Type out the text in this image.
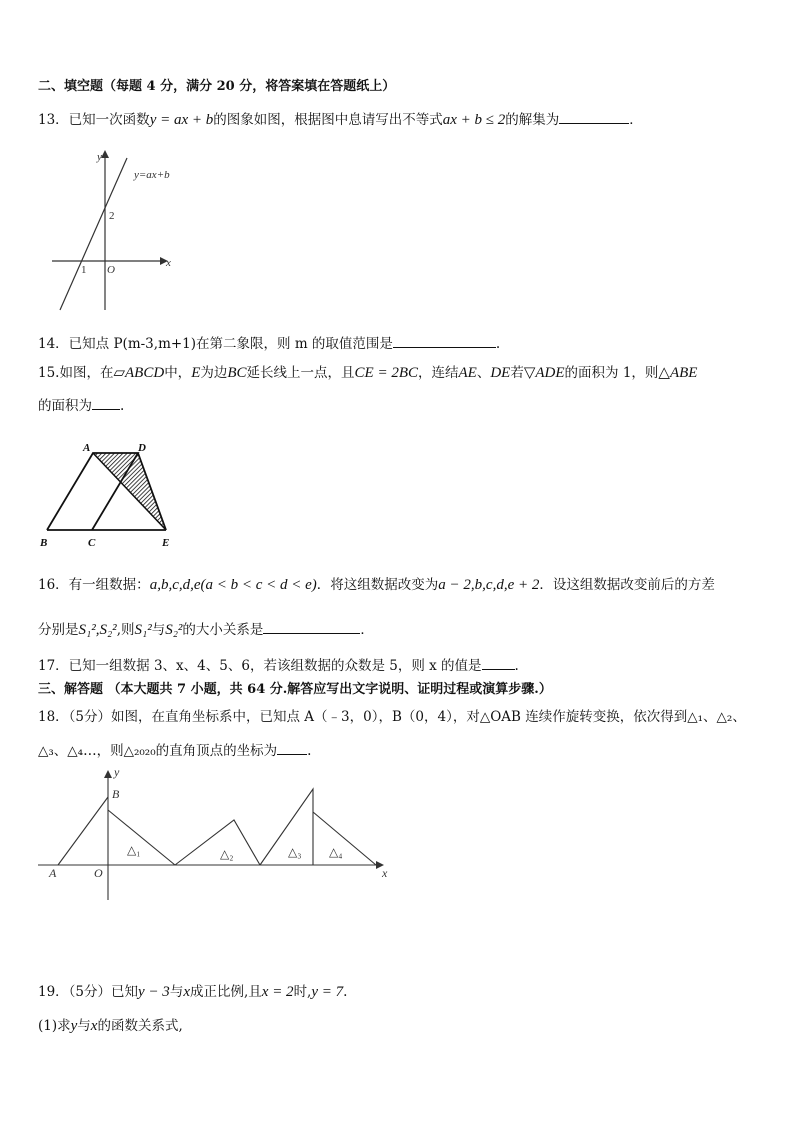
二、填空题（每题 4 分，满分 20 分，将答案填在答题纸上）
13．已知一次函数y = ax + b的图象如图，根据图中息请写出不等式ax + b ≤ 2的解集为	．
y
x
y=ax+b
2
1 O
14．已知点 P(m-3,m+1)在第二象限，则 m 的取值范围是	.
15.如图，在▱ABCD中，E为边BC延长线上一点，且CE = 2BC，连结AE、DE若▽ADE的面积为 1，则△ABE
的面积为 .
A	D
B	C	E
16．有一组数据：a,b,c,d,e(a < b < c < d < e)．将这组数据改变为a − 2,b,c,d,e + 2．设这组数据改变前后的方差
分别是S₁²,S₂²,则S₁²与S₂²的大小关系是	．
17．已知一组数据 3、x、4、5、6，若该组数据的众数是 5，则 x 的值是 .
三、解答题 （本大题共 7 小题，共 64 分.解答应写出文字说明、证明过程或演算步骤.）
18．（5分）如图，在直角坐标系中，已知点 A（﹣3，0），B（0，4），对△OAB 连续作旋转变换，依次得到△₁、△₂、
△₃、△₄…，则△₂₀₂₀的直角顶点的坐标为 .
y
x
B
A	O
△₁	△₂	△₃ △₄
19．（5分）已知y − 3与x成正比例,且x = 2时,y = 7.
(1)求y与x的函数关系式,
